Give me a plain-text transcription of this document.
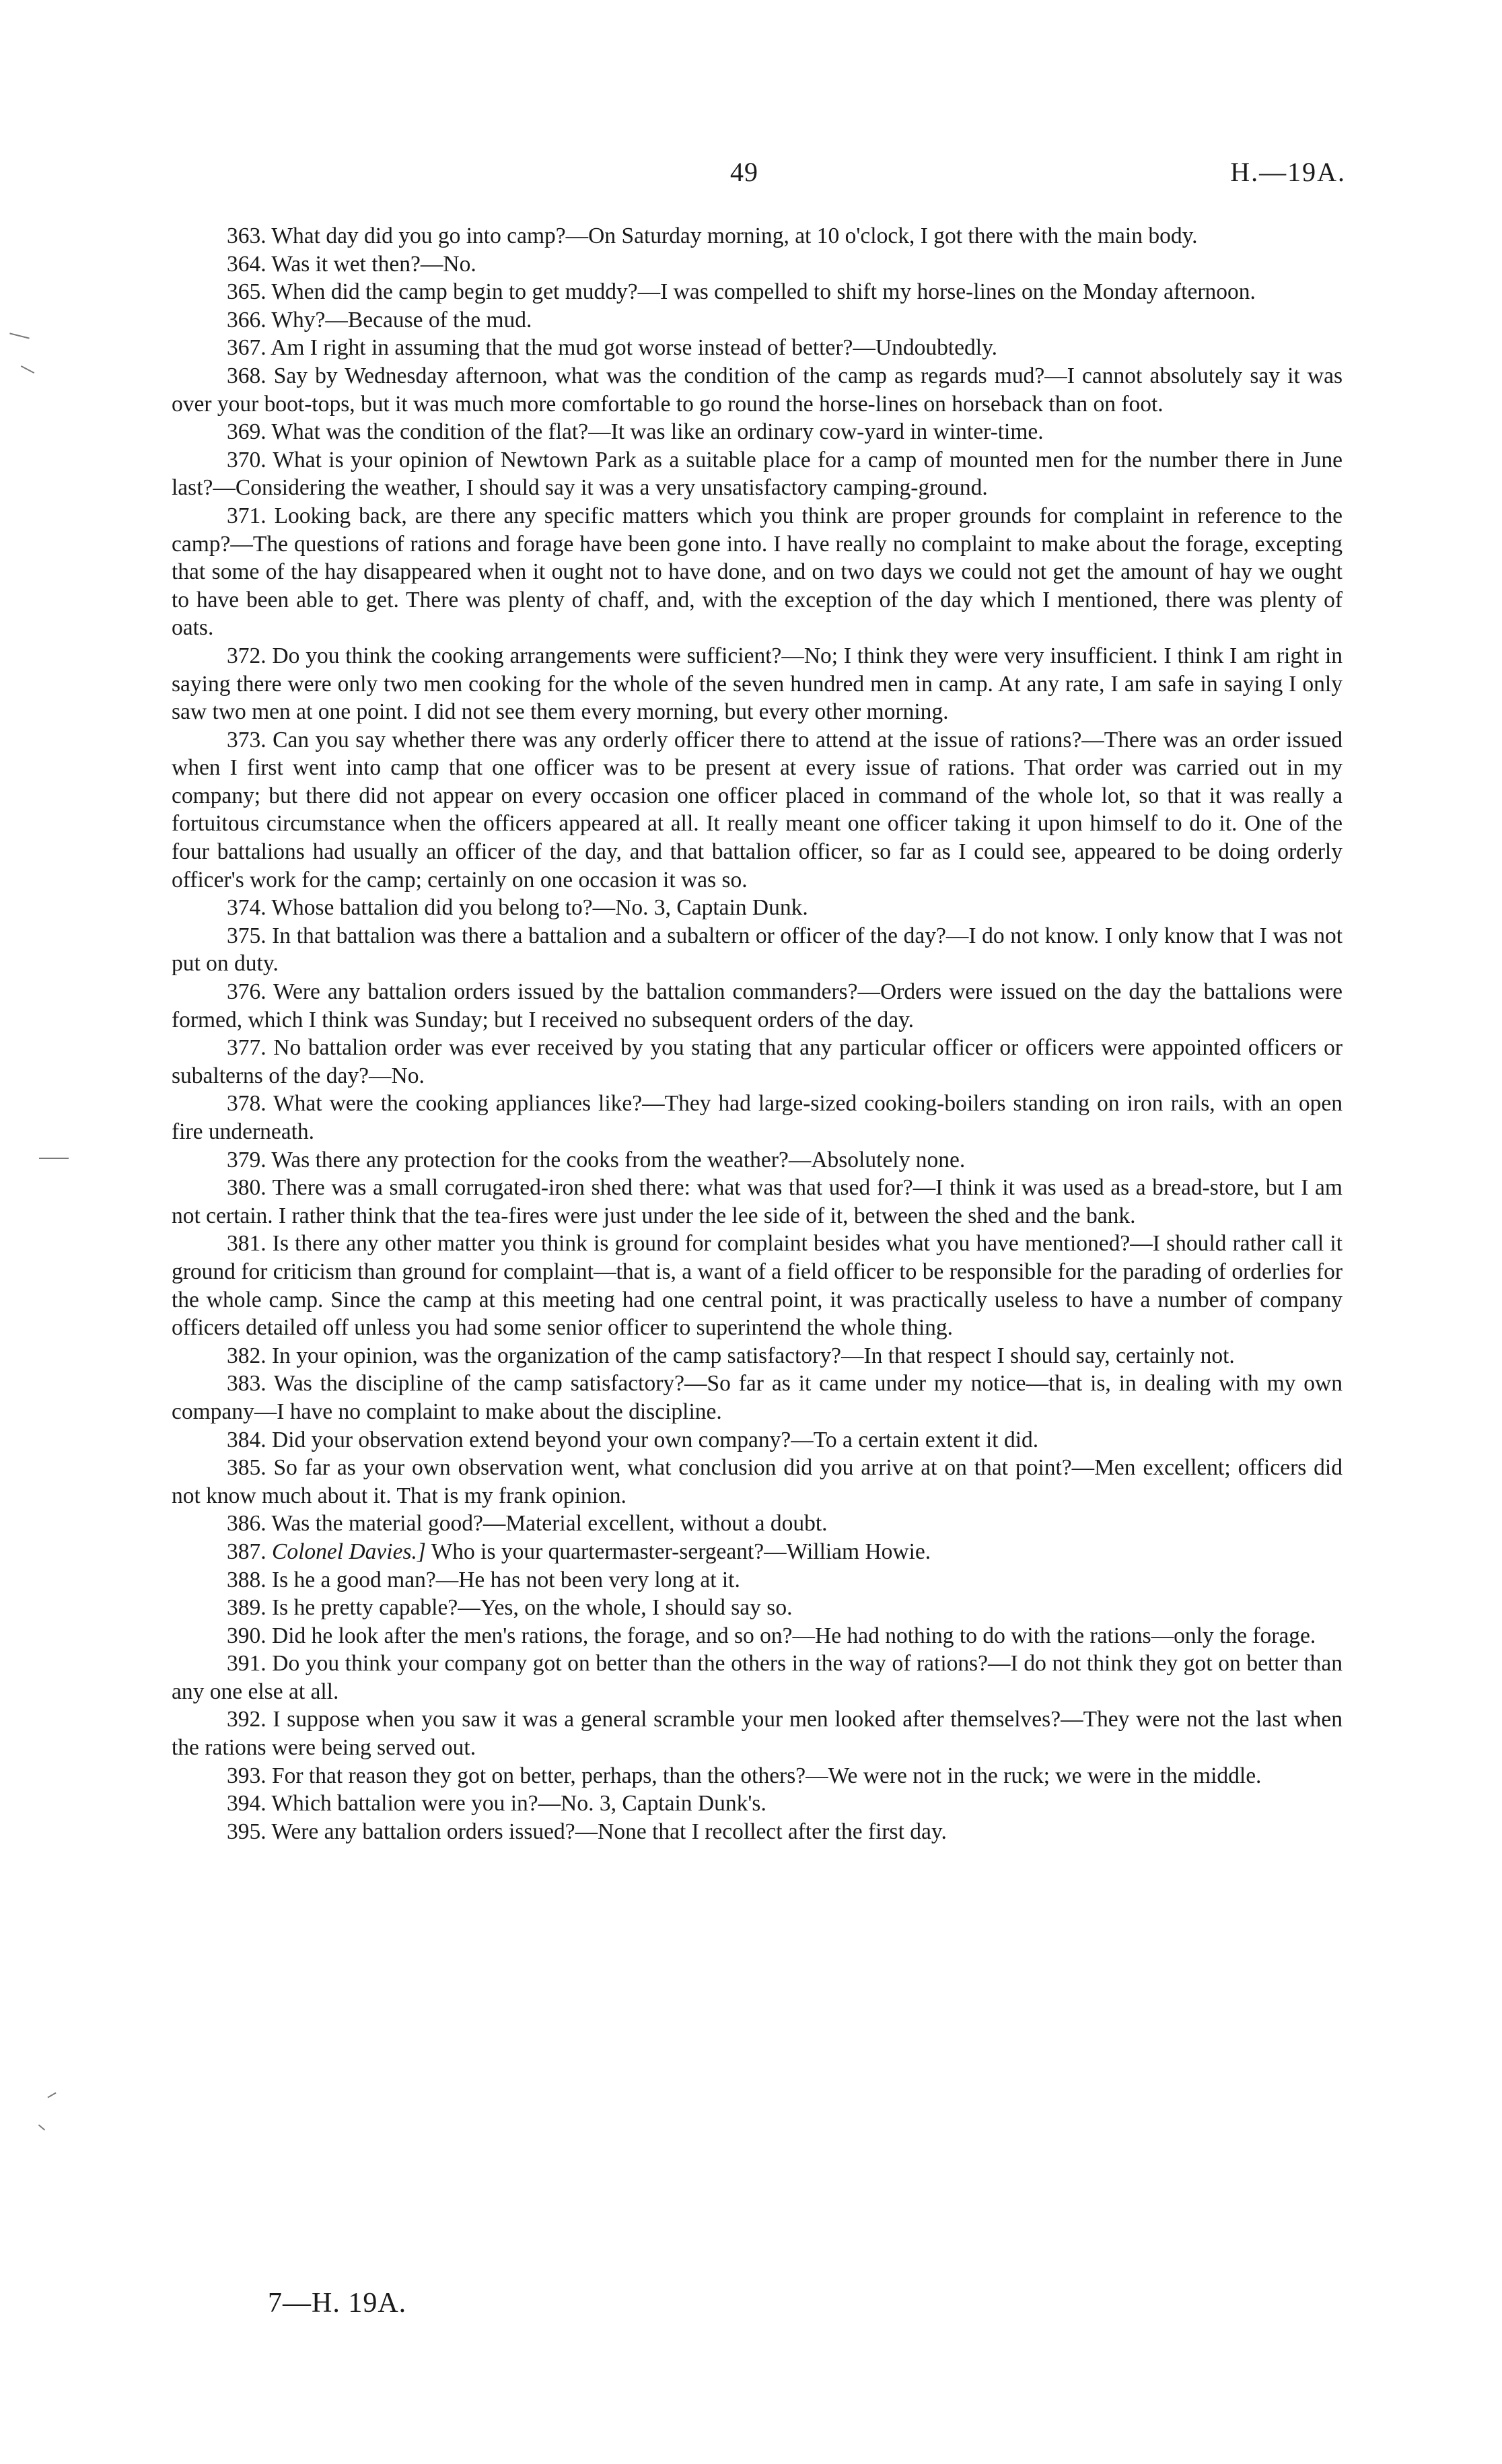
49	H.—19A.

363. What day did you go into camp?—On Saturday morning, at 10 o'clock, I got there with the main body.

364. Was it wet then?—No.

365. When did the camp begin to get muddy?—I was compelled to shift my horse-lines on the Monday afternoon.

366. Why?—Because of the mud.

367. Am I right in assuming that the mud got worse instead of better?—Undoubtedly.

368. Say by Wednesday afternoon, what was the condition of the camp as regards mud?—I cannot absolutely say it was over your boot-tops, but it was much more comfortable to go round the horse-lines on horseback than on foot.

369. What was the condition of the flat?—It was like an ordinary cow-yard in winter-time.

370. What is your opinion of Newtown Park as a suitable place for a camp of mounted men for the number there in June last?—Considering the weather, I should say it was a very unsatisfactory camping-ground.

371. Looking back, are there any specific matters which you think are proper grounds for complaint in reference to the camp?—The questions of rations and forage have been gone into. I have really no complaint to make about the forage, excepting that some of the hay disappeared when it ought not to have done, and on two days we could not get the amount of hay we ought to have been able to get. There was plenty of chaff, and, with the exception of the day which I mentioned, there was plenty of oats.

372. Do you think the cooking arrangements were sufficient?—No; I think they were very insufficient. I think I am right in saying there were only two men cooking for the whole of the seven hundred men in camp. At any rate, I am safe in saying I only saw two men at one point. I did not see them every morning, but every other morning.

373. Can you say whether there was any orderly officer there to attend at the issue of rations?—There was an order issued when I first went into camp that one officer was to be present at every issue of rations. That order was carried out in my company; but there did not appear on every occasion one officer placed in command of the whole lot, so that it was really a fortuitous circumstance when the officers appeared at all. It really meant one officer taking it upon himself to do it. One of the four battalions had usually an officer of the day, and that battalion officer, so far as I could see, appeared to be doing orderly officer's work for the camp; certainly on one occasion it was so.

374. Whose battalion did you belong to?—No. 3, Captain Dunk.

375. In that battalion was there a battalion and a subaltern or officer of the day?—I do not know. I only know that I was not put on duty.

376. Were any battalion orders issued by the battalion commanders?—Orders were issued on the day the battalions were formed, which I think was Sunday; but I received no subsequent orders of the day.

377. No battalion order was ever received by you stating that any particular officer or officers were appointed officers or subalterns of the day?—No.

378. What were the cooking appliances like?—They had large-sized cooking-boilers standing on iron rails, with an open fire underneath.

379. Was there any protection for the cooks from the weather?—Absolutely none.

380. There was a small corrugated-iron shed there: what was that used for?—I think it was used as a bread-store, but I am not certain. I rather think that the tea-fires were just under the lee side of it, between the shed and the bank.

381. Is there any other matter you think is ground for complaint besides what you have mentioned?—I should rather call it ground for criticism than ground for complaint—that is, a want of a field officer to be responsible for the parading of orderlies for the whole camp. Since the camp at this meeting had one central point, it was practically useless to have a number of company officers detailed off unless you had some senior officer to superintend the whole thing.

382. In your opinion, was the organization of the camp satisfactory?—In that respect I should say, certainly not.

383. Was the discipline of the camp satisfactory?—So far as it came under my notice—that is, in dealing with my own company—I have no complaint to make about the discipline.

384. Did your observation extend beyond your own company?—To a certain extent it did.

385. So far as your own observation went, what conclusion did you arrive at on that point?—Men excellent; officers did not know much about it. That is my frank opinion.

386. Was the material good?—Material excellent, without a doubt.

387. Colonel Davies.] Who is your quartermaster-sergeant?—William Howie.

388. Is he a good man?—He has not been very long at it.

389. Is he pretty capable?—Yes, on the whole, I should say so.

390. Did he look after the men's rations, the forage, and so on?—He had nothing to do with the rations—only the forage.

391. Do you think your company got on better than the others in the way of rations?—I do not think they got on better than any one else at all.

392. I suppose when you saw it was a general scramble your men looked after themselves?—They were not the last when the rations were being served out.

393. For that reason they got on better, perhaps, than the others?—We were not in the ruck; we were in the middle.

394. Which battalion were you in?—No. 3, Captain Dunk's.

395. Were any battalion orders issued?—None that I recollect after the first day.

7—H. 19A.
